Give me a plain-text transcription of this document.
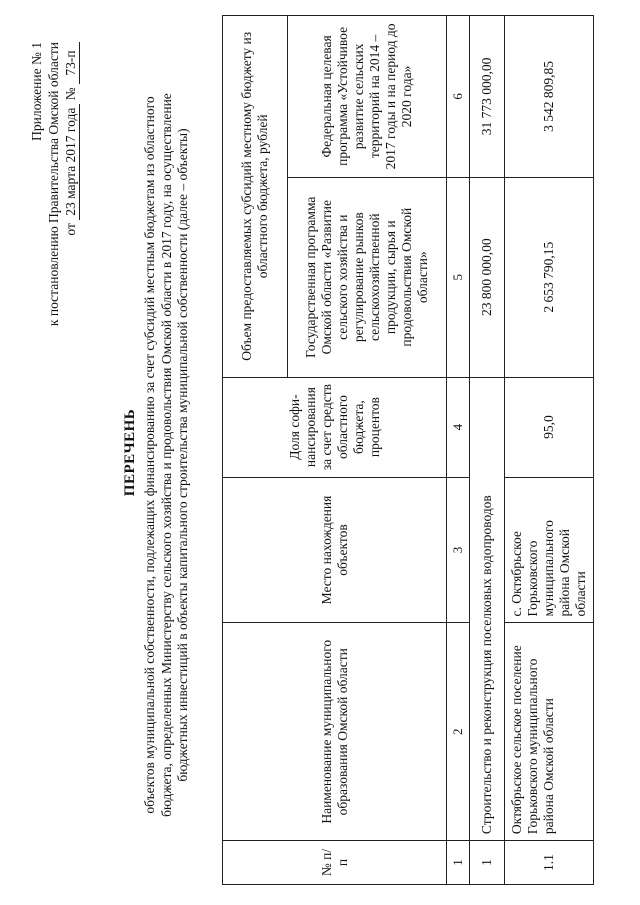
Приложение № 1 к постановлению Правительства Омской области от 23 марта 2017 года № 73-п
ПЕРЕЧЕНЬ объектов муниципальной собственности, подлежащих финансированию за счет субсидий местным бюджетам из областного бюджета, определенных Министерству сельского хозяйства и продовольствия Омской области в 2017 году, на осуществление бюджетных инвестиций в объекты капитального строительства муниципальной собственности (далее – объекты)
№ п/п	Наименование муниципального образования Омской области	Место нахождения объектов	Доля софи-нансирования за счет средств областного бюджета, процентов	Объем предоставляемых субсидий местному бюджету из областного бюджета, рублей	
				Государственная программа Омской области «Развитие сельского хозяйства и регулирование рынков сельскохозяйственной продукции, сырья и продовольствия Омской области»	Федеральная целевая программа «Устойчивое развитие сельских территорий на 2014 – 2017 годы и на период до 2020 года»
1	2	3	4	5	6
1	Строительство и реконструкция поселковых водопроводов			23 800 000,00	31 773 000,00
1.1	Октябрьское сельское поселение Горьковского муниципального района Омской области	с. Октябрьское Горьковского муниципального района Омской области	95,0	2 653 790,15	3 542 809,85
